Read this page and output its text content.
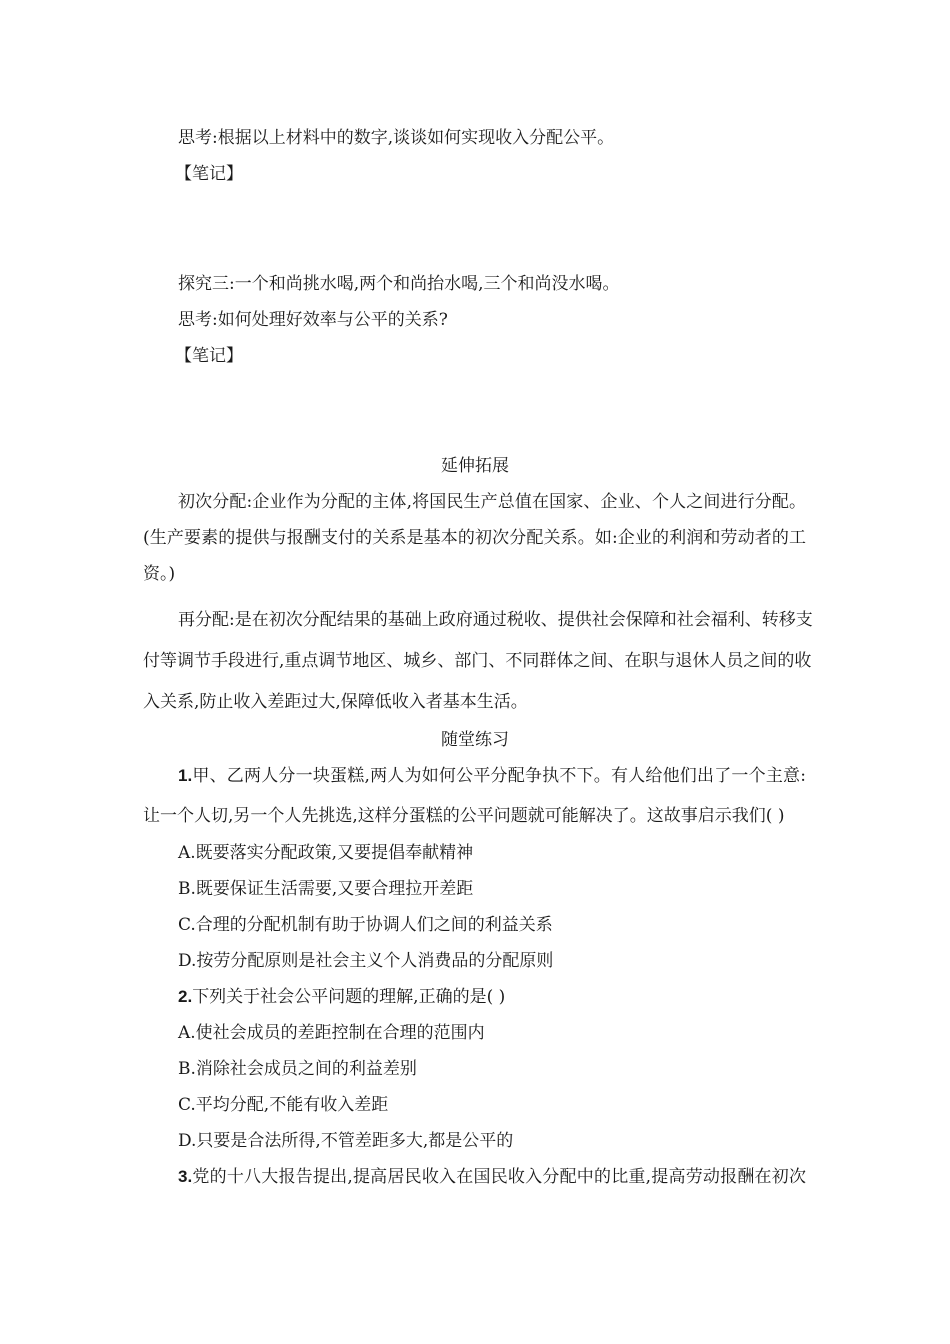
思考:根据以上材料中的数字,谈谈如何实现收入分配公平。
【笔记】
探究三:一个和尚挑水喝,两个和尚抬水喝,三个和尚没水喝。
思考:如何处理好效率与公平的关系?
【笔记】
延伸拓展
初次分配:企业作为分配的主体,将国民生产总值在国家、企业、个人之间进行分配。
(生产要素的提供与报酬支付的关系是基本的初次分配关系。如:企业的利润和劳动者的工
资。)
再分配:是在初次分配结果的基础上政府通过税收、提供社会保障和社会福利、转移支
付等调节手段进行,重点调节地区、城乡、部门、不同群体之间、在职与退休人员之间的收
入关系,防止收入差距过大,保障低收入者基本生活。
随堂练习
1.甲、乙两人分一块蛋糕,两人为如何公平分配争执不下。有人给他们出了一个主意:
让一个人切,另一个人先挑选,这样分蛋糕的公平问题就可能解决了。这故事启示我们( )
A.既要落实分配政策,又要提倡奉献精神
B.既要保证生活需要,又要合理拉开差距
C.合理的分配机制有助于协调人们之间的利益关系
D.按劳分配原则是社会主义个人消费品的分配原则
2.下列关于社会公平问题的理解,正确的是( )
A.使社会成员的差距控制在合理的范围内
B.消除社会成员之间的利益差别
C.平均分配,不能有收入差距
D.只要是合法所得,不管差距多大,都是公平的
3.党的十八大报告提出,提高居民收入在国民收入分配中的比重,提高劳动报酬在初次
